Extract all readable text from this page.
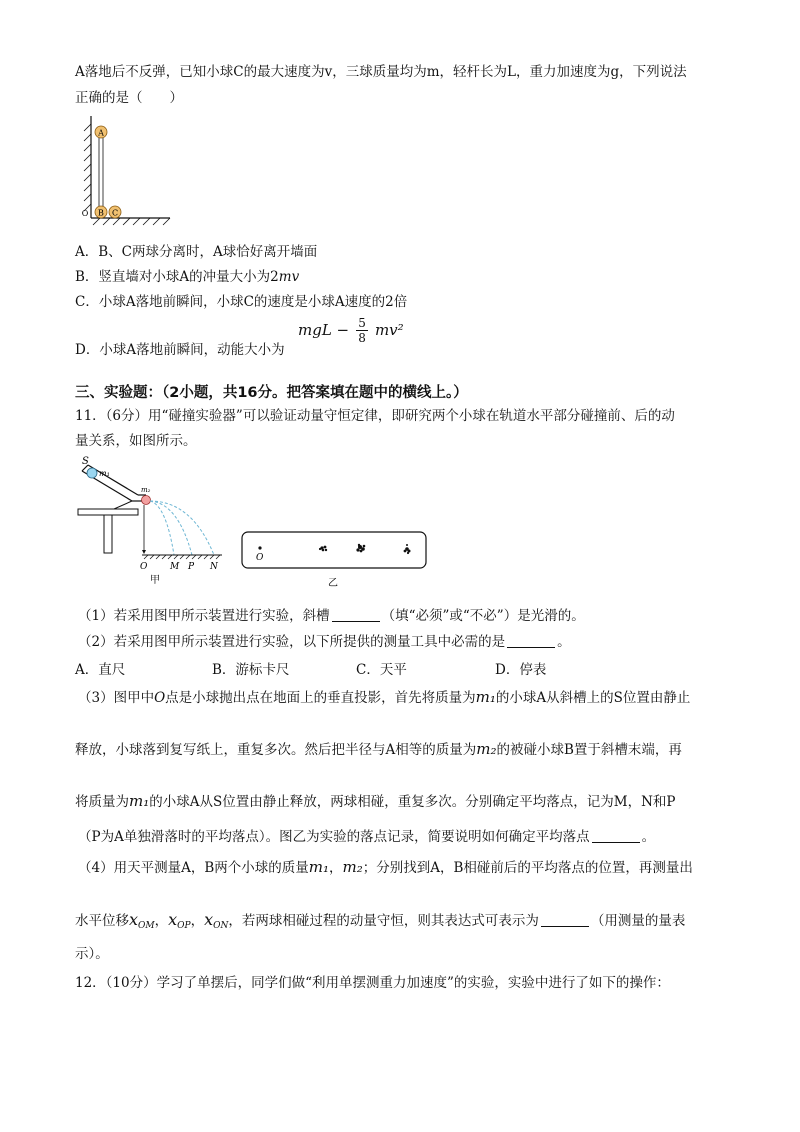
A落地后不反弹，已知小球C的最大速度为v，三球质量均为m，轻杆长为L，重力加速度为g，下列说法
正确的是（　　）
A
B C
O
A．B、C两球分离时，A球恰好离开墙面
B．竖直墙对小球A的冲量大小为2mv
C．小球A落地前瞬间，小球C的速度是小球A速度的2倍
D．小球A落地前瞬间，动能大小为
mgL − $\frac{5}{8} mv^2$
三、实验题：（2小题，共16分。把答案填在题中的横线上。）
11．（6分）用“碰撞实验器”可以验证动量守恒定律，即研究两个小球在轨道水平部分碰撞前、后的动
量关系，如图所示。
S
m₁
m₂
O	M P N
甲
O
乙
（1）若采用图甲所示装置进行实验，斜槽	（填“必须”或“不必”）是光滑的。
（2）若采用图甲所示装置进行实验，以下所提供的测量工具中必需的是	。
A．直尺	B．游标卡尺	C．天平	D．停表
（3）图甲中O点是小球抛出点在地面上的垂直投影，首先将质量为m₁的小球A从斜槽上的S位置由静止
释放，小球落到复写纸上，重复多次。然后把半径与A相等的质量为m₂的被碰小球B置于斜槽末端，再
将质量为m₁的小球A从S位置由静止释放，两球相碰，重复多次。分别确定平均落点，记为M，N和P
（P为A单独滑落时的平均落点）。图乙为实验的落点记录，简要说明如何确定平均落点	。
（4）用天平测量A，B两个小球的质量m₁，m₂；分别找到A，B相碰前后的平均落点的位置，再测量出
水平位移$x_{OM}$，$x_{OP}$，$x_{ON}$，若两球相碰过程的动量守恒，则其表达式可表示为	（用测量的量表
示）。
12．（10分）学习了单摆后，同学们做“利用单摆测重力加速度”的实验，实验中进行了如下的操作：
